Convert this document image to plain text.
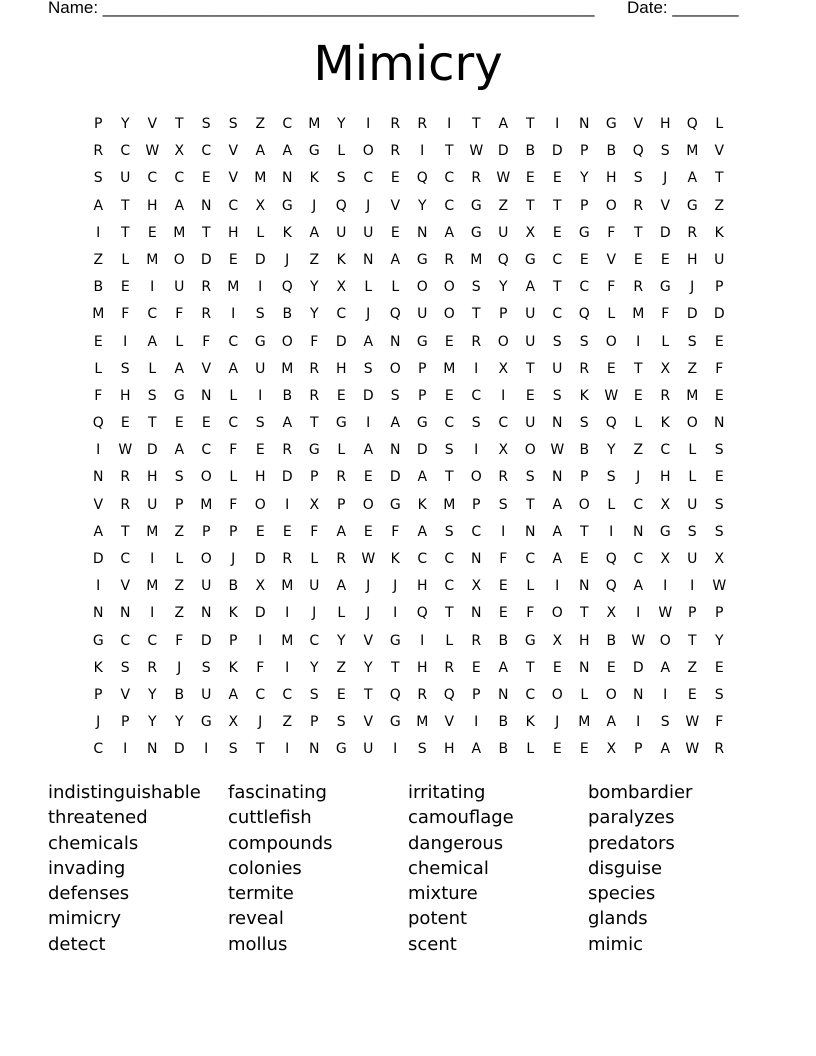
Name: ____________________________________________________ Date: _______
Mimicry
P	Y	V	T	S	S	Z	C	M	Y	I	R	R	I	T	A	T	I	N	G	V	H	Q	L
R	C	W	X	C	V	A	A	G	L	O	R	I	T	W	D	B	D	P	B	Q	S	M	V
S	U	C	C	E	V	M	N	K	S	C	E	Q	C	R	W	E	E	Y	H	S	J	A	T
A	T	H	A	N	C	X	G	J	Q	J	V	Y	C	G	Z	T	T	P	O	R	V	G	Z
I	T	E	M	T	H	L	K	A	U	U	E	N	A	G	U	X	E	G	F	T	D	R	K
Z	L	M	O	D	E	D	J	Z	K	N	A	G	R	M	Q	G	C	E	V	E	E	H	U
B	E	I	U	R	M	I	Q	Y	X	L	L	O	O	S	Y	A	T	C	F	R	G	J	P
M	F	C	F	R	I	S	B	Y	C	J	Q	U	O	T	P	U	C	Q	L	M	F	D	D
E	I	A	L	F	C	G	O	F	D	A	N	G	E	R	O	U	S	S	O	I	L	S	E
L	S	L	A	V	A	U	M	R	H	S	O	P	M	I	X	T	U	R	E	T	X	Z	F
F	H	S	G	N	L	I	B	R	E	D	S	P	E	C	I	E	S	K	W	E	R	M	E
Q	E	T	E	E	C	S	A	T	G	I	A	G	C	S	C	U	N	S	Q	L	K	O	N
I	W	D	A	C	F	E	R	G	L	A	N	D	S	I	X	O	W	B	Y	Z	C	L	S
N	R	H	S	O	L	H	D	P	R	E	D	A	T	O	R	S	N	P	S	J	H	L	E
V	R	U	P	M	F	O	I	X	P	O	G	K	M	P	S	T	A	O	L	C	X	U	S
A	T	M	Z	P	P	E	E	F	A	E	F	A	S	C	I	N	A	T	I	N	G	S	S
D	C	I	L	O	J	D	R	L	R	W	K	C	C	N	F	C	A	E	Q	C	X	U	X
I	V	M	Z	U	B	X	M	U	A	J	J	H	C	X	E	L	I	N	Q	A	I	I	W
N	N	I	Z	N	K	D	I	J	L	J	I	Q	T	N	E	F	O	T	X	I	W	P	P
G	C	C	F	D	P	I	M	C	Y	V	G	I	L	R	B	G	X	H	B	W	O	T	Y
K	S	R	J	S	K	F	I	Y	Z	Y	T	H	R	E	A	T	E	N	E	D	A	Z	E
P	V	Y	B	U	A	C	C	S	E	T	Q	R	Q	P	N	C	O	L	O	N	I	E	S
J	P	Y	Y	G	X	J	Z	P	S	V	G	M	V	I	B	K	J	M	A	I	S	W	F
C	I	N	D	I	S	T	I	N	G	U	I	S	H	A	B	L	E	E	X	P	A	W	R
indistinguishable
threatened
chemicals
invading
defenses
mimicry
detect
fascinating
cuttlefish
compounds
colonies
termite
reveal
mollus
irritating
camouflage
dangerous
chemical
mixture
potent
scent
bombardier
paralyzes
predators
disguise
species
glands
mimic
